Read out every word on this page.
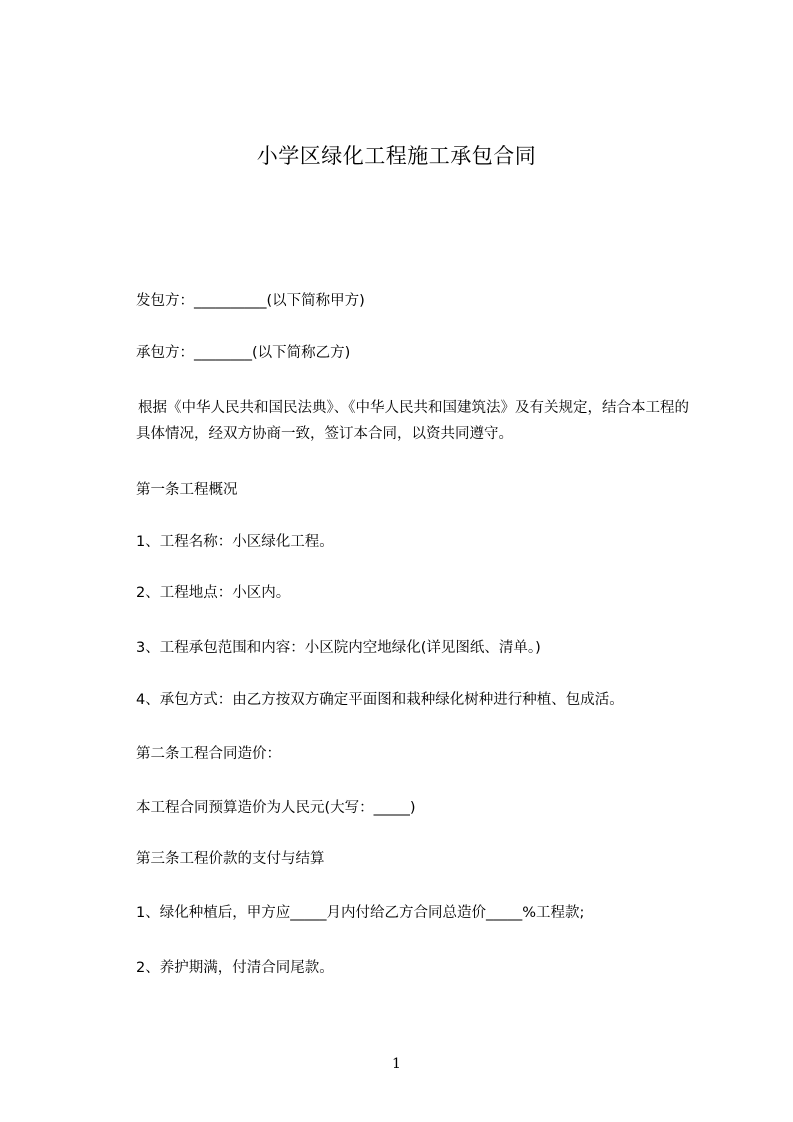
小学区绿化工程施工承包合同
发包方：__________(以下简称甲方)
承包方：________(以下简称乙方)
根据《中华人民共和国民法典》、《中华人民共和国建筑法》及有关规定，结合本工程的具体情况，经双方协商一致，签订本合同，以资共同遵守。
第一条工程概况
1、工程名称：小区绿化工程。
2、工程地点：小区内。
3、工程承包范围和内容：小区院内空地绿化(详见图纸、清单。)
4、承包方式：由乙方按双方确定平面图和栽种绿化树种进行种植、包成活。
第二条工程合同造价：
本工程合同预算造价为人民元(大写：_____)
第三条工程价款的支付与结算
1、绿化种植后，甲方应_____月内付给乙方合同总造价_____%工程款;
2、养护期满，付清合同尾款。
1
